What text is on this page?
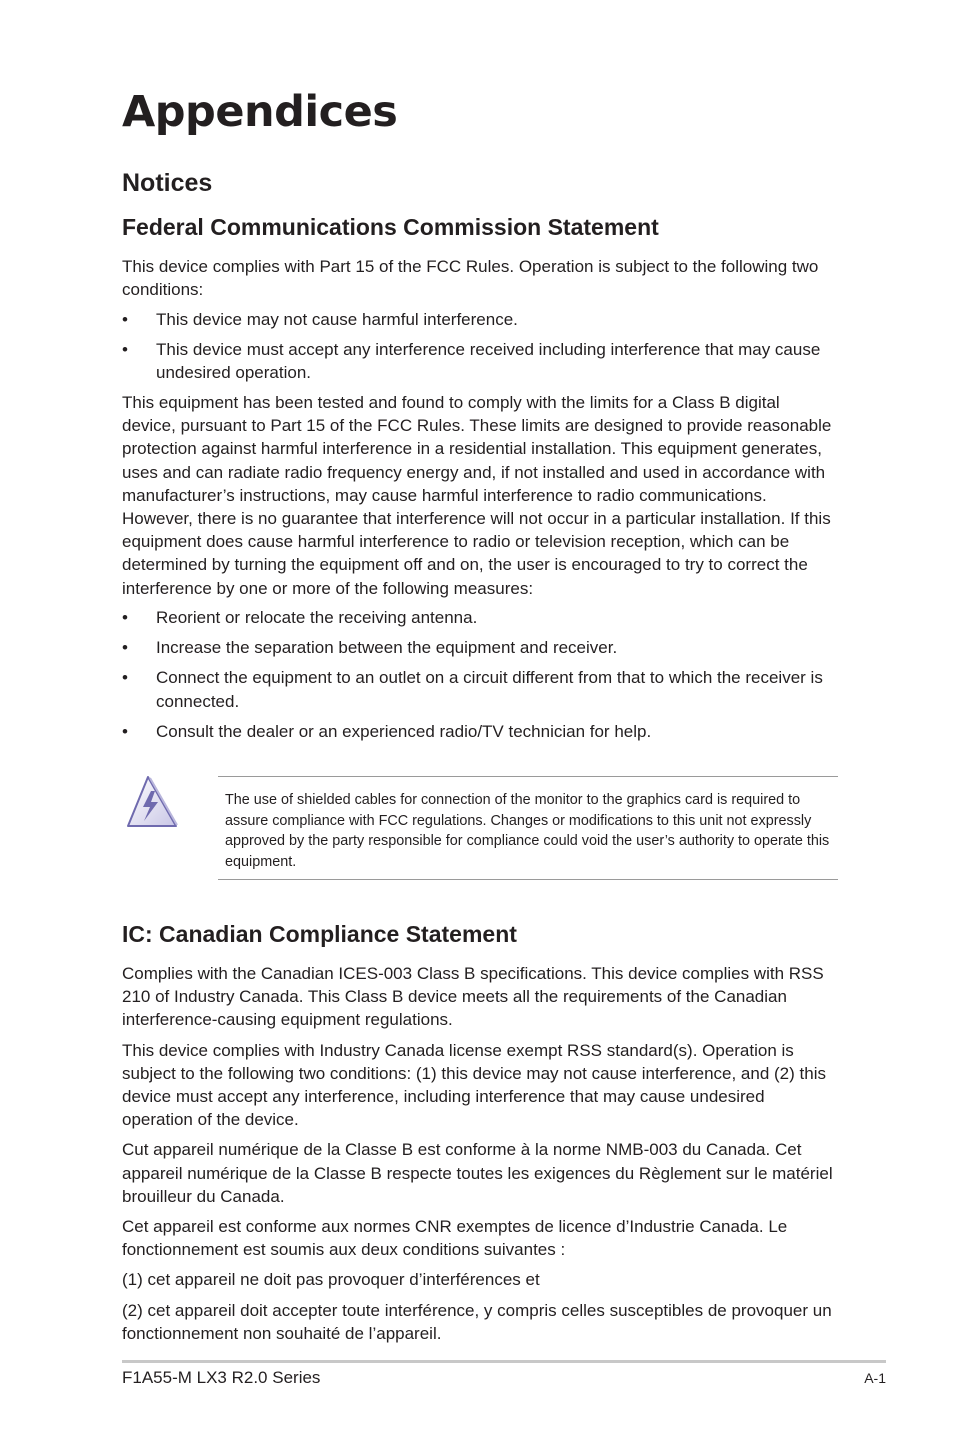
Appendices
Notices
Federal Communications Commission Statement

This device complies with Part 15 of the FCC Rules. Operation is subject to the following two conditions:

• This device may not cause harmful interference.
• This device must accept any interference received including interference that may cause undesired operation.

This equipment has been tested and found to comply with the limits for a Class B digital device, pursuant to Part 15 of the FCC Rules. These limits are designed to provide reasonable protection against harmful interference in a residential installation. This equipment generates, uses and can radiate radio frequency energy and, if not installed and used in accordance with manufacturer’s instructions, may cause harmful interference to radio communications. However, there is no guarantee that interference will not occur in a particular installation. If this equipment does cause harmful interference to radio or television reception, which can be determined by turning the equipment off and on, the user is encouraged to try to correct the interference by one or more of the following measures:

• Reorient or relocate the receiving antenna.
• Increase the separation between the equipment and receiver.
• Connect the equipment to an outlet on a circuit different from that to which the receiver is connected.
• Consult the dealer or an experienced radio/TV technician for help.
IC: Canadian Compliance Statement

Complies with the Canadian ICES-003 Class B specifications. This device complies with RSS 210 of Industry Canada. This Class B device meets all the requirements of the Canadian interference-causing equipment regulations.

This device complies with Industry Canada license exempt RSS standard(s). Operation is subject to the following two conditions: (1) this device may not cause interference, and (2) this device must accept any interference, including interference that may cause undesired operation of the device.

Cut appareil numérique de la Classe B est conforme à la norme NMB-003 du Canada. Cet appareil numérique de la Classe B respecte toutes les exigences du Règlement sur le matériel brouilleur du Canada.

Cet appareil est conforme aux normes CNR exemptes de licence d’Industrie Canada. Le fonctionnement est soumis aux deux conditions suivantes :

(1) cet appareil ne doit pas provoquer d’interférences et

(2) cet appareil doit accepter toute interférence, y compris celles susceptibles de provoquer un fonctionnement non souhaité de l’appareil.

The use of shielded cables for connection of the monitor to the graphics card is required to assure compliance with FCC regulations. Changes or modifications to this unit not expressly approved by the party responsible for compliance could void the user’s authority to operate this equipment.

F1A55-M LX3 R2.0 Series	A-1
